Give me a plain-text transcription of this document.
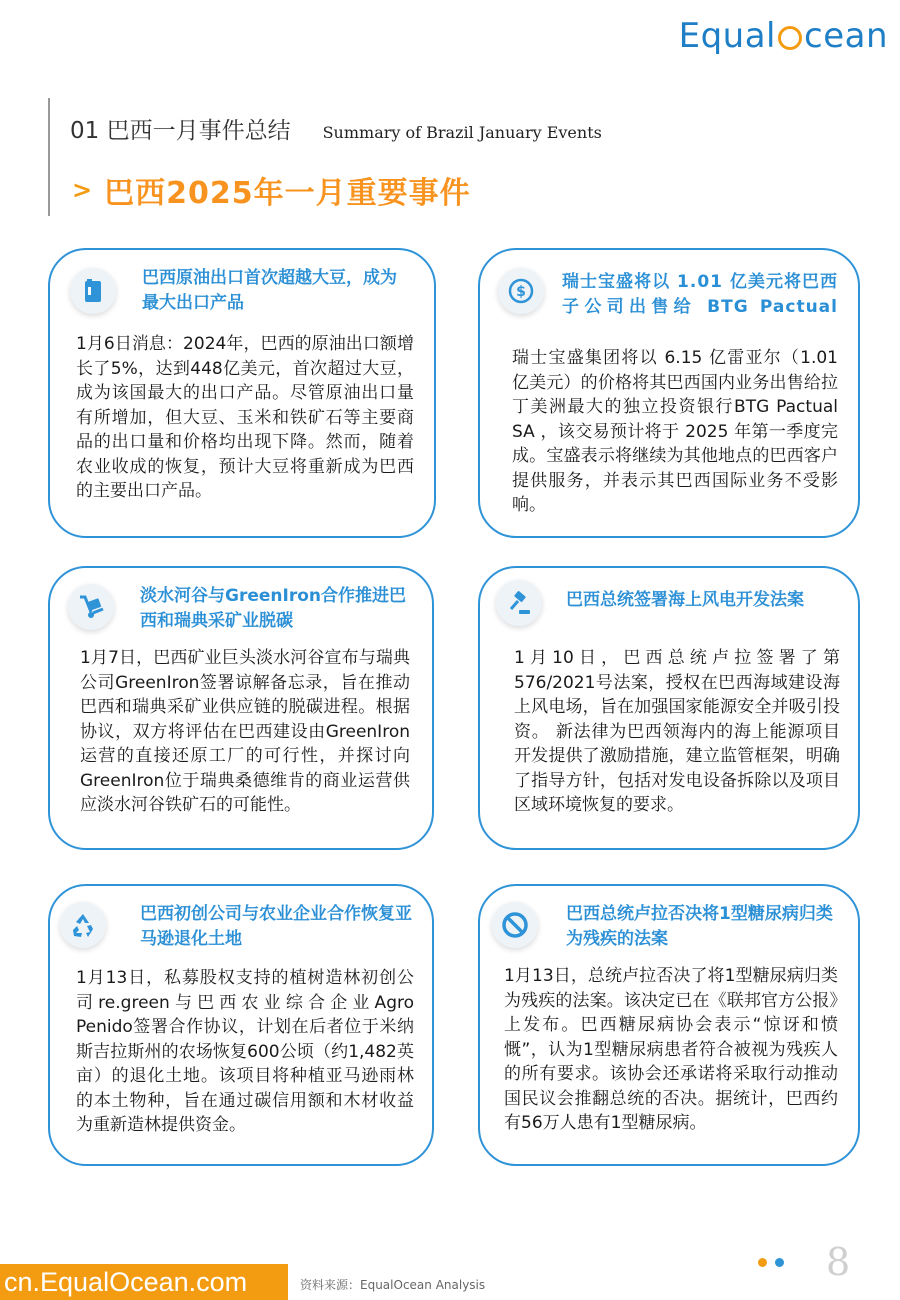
Equal cean
01 巴西一月事件总结 Summary of Brazil January Events
> 巴西2025年一月重要事件
巴西原油出口首次超越大豆，成为最大出口产品
1月6日消息：2024年，巴西的原油出口额增长了5%，达到448亿美元，首次超过大豆，成为该国最大的出口产品。尽管原油出口量有所增加，但大豆、玉米和铁矿石等主要商品的出口量和价格均出现下降。然而，随着农业收成的恢复，预计大豆将重新成为巴西的主要出口产品。
$ 瑞士宝盛将以 1.01 亿美元将巴西子公司出售给 BTG Pactual
瑞士宝盛集团将以 6.15 亿雷亚尔（1.01 亿美元）的价格将其巴西国内业务出售给拉丁美洲最大的独立投资银行BTG Pactual SA ，该交易预计将于 2025 年第一季度完成。宝盛表示将继续为其他地点的巴西客户提供服务，并表示其巴西国际业务不受影响。
淡水河谷与GreenIron合作推进巴西和瑞典采矿业脱碳
1月7日，巴西矿业巨头淡水河谷宣布与瑞典公司GreenIron签署谅解备忘录，旨在推动巴西和瑞典采矿业供应链的脱碳进程。根据协议，双方将评估在巴西建设由GreenIron运营的直接还原工厂的可行性，并探讨向GreenIron位于瑞典桑德维肯的商业运营供应淡水河谷铁矿石的可能性。
巴西总统签署海上风电开发法案
1月10日，巴西总统卢拉签署了第576/2021号法案，授权在巴西海域建设海上风电场，旨在加强国家能源安全并吸引投资。 新法律为巴西领海内的海上能源项目开发提供了激励措施，建立监管框架，明确了指导方针，包括对发电设备拆除以及项目区域环境恢复的要求。
巴西初创公司与农业企业合作恢复亚马逊退化土地
1月13日，私募股权支持的植树造林初创公司re.green与巴西农业综合企业Agro Penido签署合作协议，计划在后者位于米纳斯吉拉斯州的农场恢复600公顷（约1,482英亩）的退化土地。该项目将种植亚马逊雨林的本土物种，旨在通过碳信用额和木材收益为重新造林提供资金。
巴西总统卢拉否决将1型糖尿病归类为残疾的法案
1月13日，总统卢拉否决了将1型糖尿病归类为残疾的法案。该决定已在《联邦官方公报》上发布。巴西糖尿病协会表示“惊讶和愤慨”，认为1型糖尿病患者符合被视为残疾人的所有要求。该协会还承诺将采取行动推动国民议会推翻总统的否决。据统计，巴西约有56万人患有1型糖尿病。
cn.EqualOcean.com	资料来源：EqualOcean Analysis
8
